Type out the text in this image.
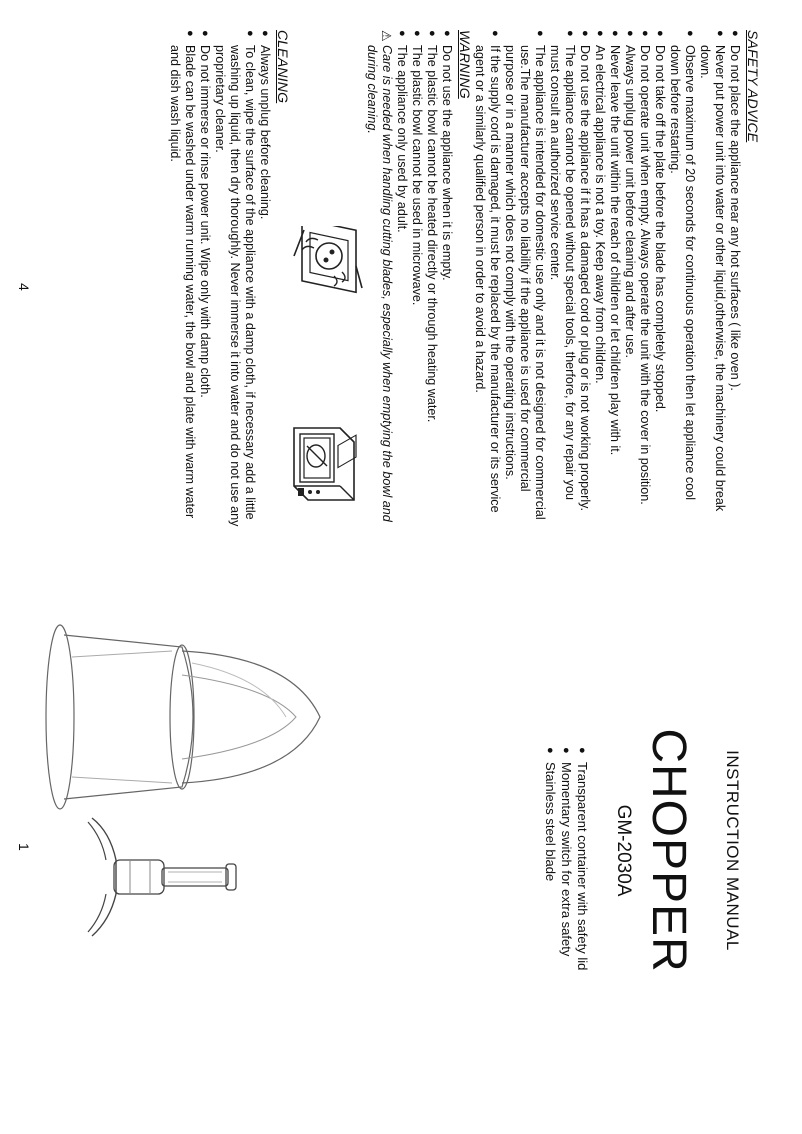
SAFETY ADVICE
● Do not place the appliance near any hot surfaces ( like oven ).
● Never put power unit into water or other liquid,otherwise, the machinery could break down.
● Observe maximum of 20 seconds for continuous operation then let appliance cool down before restarting.
● Do not take off the plate before the blade has completely stopped.
● Do not operate unit when empty. Always operate the unit with the cover in position.
● Always unplug power unit before cleaning and after use.
● Never leave the unit within the reach of children or let children play with it.
● An electrical appliance is not a toy. Keep away from children.
● Do not use the appliance if it has a damaged cord or plug or is not working properly.
● The appliance cannot be opened without special tools, therfore, for any repair you must consult an authorized service center.
● The appliance is intended for domestic use only and it is not designed for commercial use.The manufacturer accepts no liability if the appliance is used for commercial purpose or in a manner which does not comply with the operating instructions.
● If the supply cord is damaged, it must be replaced by the manufacturer or its service agent or a similarly qualified person in order to avoid a hazard.
WARNING
● Do not use the appliance when it is empty.
● The plastic bowl cannot be heated directly or through heating water.
● The plastic bowl cannot be used in microwave.
● The appliance only used by adult.
⚠
Care is needed when handling cutting blades, especially when emptying the bowl and during cleaning.
CLEANING
● Always unplug before cleaning.
● To clean, wipe the surface of the appliance with a damp cloth, if necessary add a little washing up liquid, then dry thoroughly. Never immerse it into water and do not use any proprietary cleaner.
● Do not immerse or rinse power unit. Wipe only with damp cloth.
● Blade can be washed under warm running water, the bowl and plate with warm water and dish wash liquid.
4
INSTRUCTION MANUAL
CHOPPER
GM-2030A
● Transparent container with safety lid
● Momentary switch for extra safety
● Stainless steel blade
1
